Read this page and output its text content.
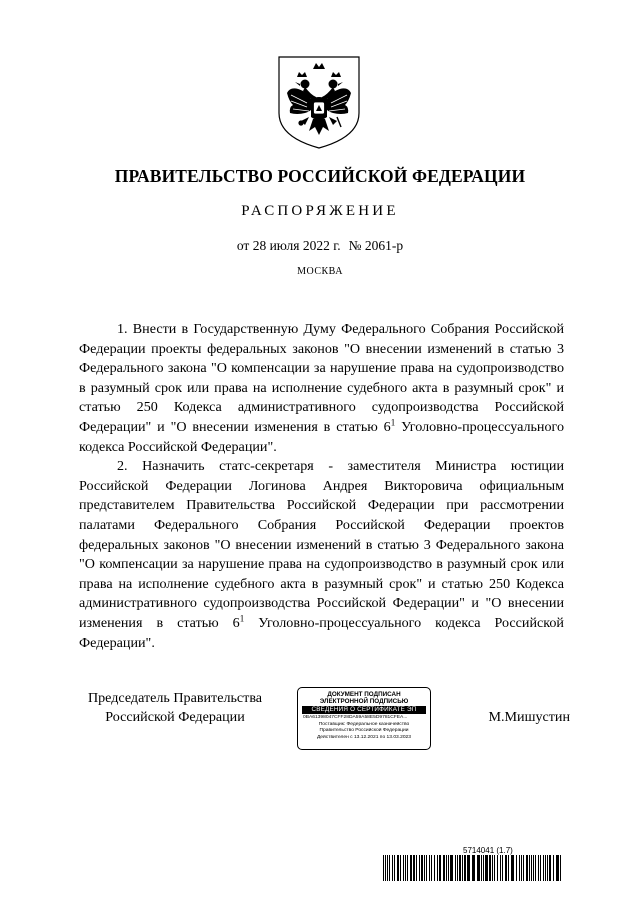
ПРАВИТЕЛЬСТВО РОССИЙСКОЙ ФЕДЕРАЦИИ
РАСПОРЯЖЕНИЕ
от 28 июля 2022 г. № 2061-р
МОСКВА

1. Внести в Государственную Думу Федерального Собрания Российской Федерации проекты федеральных законов "О внесении изменений в статью 3 Федерального закона "О компенсации за нарушение права на судопроизводство в разумный срок или права на исполнение судебного акта в разумный срок" и статью 250 Кодекса административного судопроизводства Российской Федерации" и "О внесении изменения в статью $6^1$ Уголовно-процессуального кодекса Российской Федерации".

2. Назначить статс-секретаря - заместителя Министра юстиции Российской Федерации Логинова Андрея Викторовича официальным представителем Правительства Российской Федерации при рассмотрении палатами Федерального Собрания Российской Федерации проектов федеральных законов "О внесении изменений в статью 3 Федерального закона "О компенсации за нарушение права на судопроизводство в разумный срок или права на исполнение судебного акта в разумный срок" и статью 250 Кодекса административного судопроизводства Российской Федерации" и "О внесении изменения в статью $6^1$ Уголовно-процессуального кодекса Российской Федерации".

Председатель Правительства
Российской Федерации
ДОКУМЕНТ ПОДПИСАН
ЭЛЕКТРОННОЙ ПОДПИСЬЮ
СВЕДЕНИЯ О СЕРТИФИКАТЕ ЭП
0BA61398047CFF28DA59A58E5D9781CFEA...
Поставщик: Федеральное казначейство
Правительство Российской Федерации
Действителен с 13.12.2021 по 13.03.2023
М.Мишустин
5714041 (1.7)
